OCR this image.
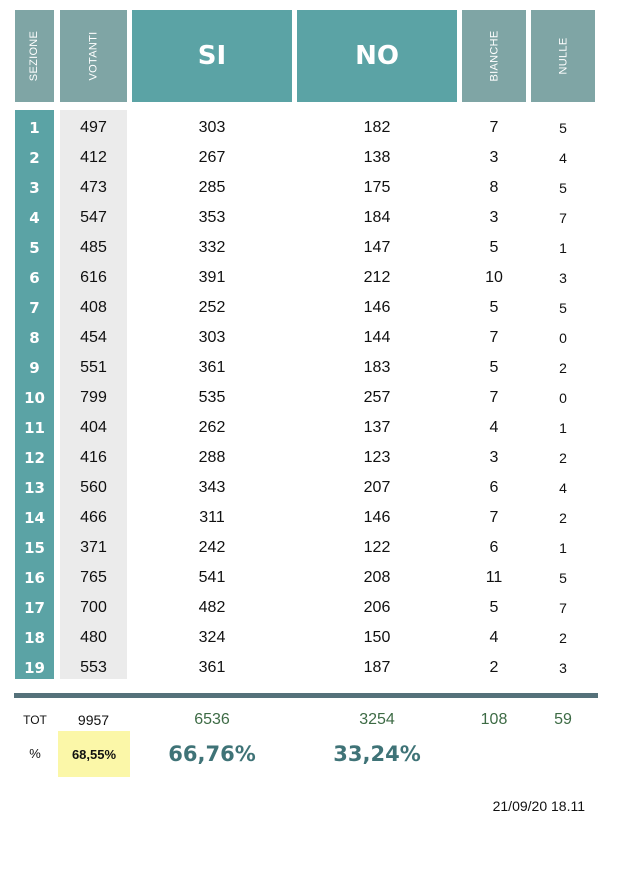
SEZIONE	VOTANTI	SI	NO	BIANCHE	NULLE
1	497	303	182	7	5
2	412	267	138	3	4
3	473	285	175	8	5
4	547	353	184	3	7
5	485	332	147	5	1
6	616	391	212	10	3
7	408	252	146	5	5
8	454	303	144	7	0
9	551	361	183	5	2
10	799	535	257	7	0
11	404	262	137	4	1
12	416	288	123	3	2
13	560	343	207	6	4
14	466	311	146	7	2
15	371	242	122	6	1
16	765	541	208	11	5
17	700	482	206	5	7
18	480	324	150	4	2
19	553	361	187	2	3
TOT	9957	6536	3254	108	59
%	68,55%	66,76%	33,24%
21/09/20 18.11
